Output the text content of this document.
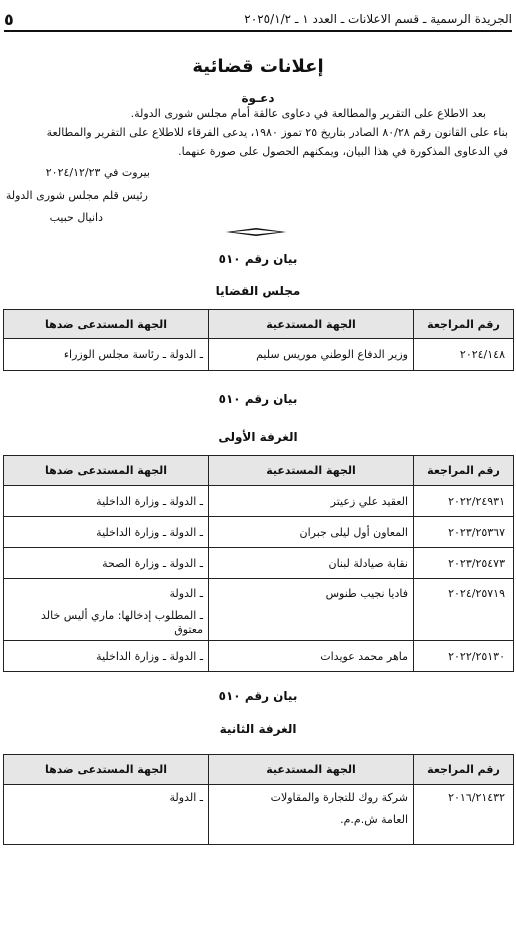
الجريدة الرسمية ـ قسم الاعلانات ـ العدد ١ ـ ٢٠٢٥/١/٢
٥
إعلانات قضائية
دعـوة
بعد الاطلاع على التقرير والمطالعة في دعاوى عالقة أمام مجلس شورى الدولة.
بناء على القانون رقم ٨٠/٢٨ الصادر بتاريخ ٢٥ تموز ١٩٨٠، يدعى الفرقاء للاطلاع على التقرير والمطالعة
في الدعاوى المذكورة في هذا البيان، ويمكنهم الحصول على صورة عنهما.
بيروت في ٢٠٢٤/١٢/٢٣
رئيس قلم مجلس شورى الدولة
دانيال حبيب
بيان رقم ٥١٠
مجلس القضايا
رقم المراجعة	الجهة المستدعية	الجهة المستدعى ضدها
٢٠٢٤/١٤٨	وزير الدفاع الوطني موريس سليم	ـ الدولة ـ رئاسة مجلس الوزراء
بيان رقم ٥١٠
الغرفة الأولى
رقم المراجعة	الجهة المستدعية	الجهة المستدعى ضدها
٢٠٢٢/٢٤٩٣١	العقيد علي زعيتر	ـ الدولة ـ وزارة الداخلية
٢٠٢٣/٢٥٣٦٧	المعاون أول ليلى جبران	ـ الدولة ـ وزارة الداخلية
٢٠٢٣/٢٥٤٧٣	نقابة صيادلة لبنان	ـ الدولة ـ وزارة الصحة
٢٠٢٤/٢٥٧١٩	فاديا نجيب طنوس	ـ الدولة
ـ المطلوب إدخالها: ماري أليس خالد معتوق

٢٠٢٢/٢٥١٣٠	ماهر محمد عويدات	ـ الدولة ـ وزارة الداخلية
بيان رقم ٥١٠
الغرفة الثانية
رقم المراجعة	الجهة المستدعية	الجهة المستدعى ضدها
٢٠١٦/٢١٤٣٢	شركة روك للتجارة والمقاولات
العامة ش.م.م.	ـ الدولة
